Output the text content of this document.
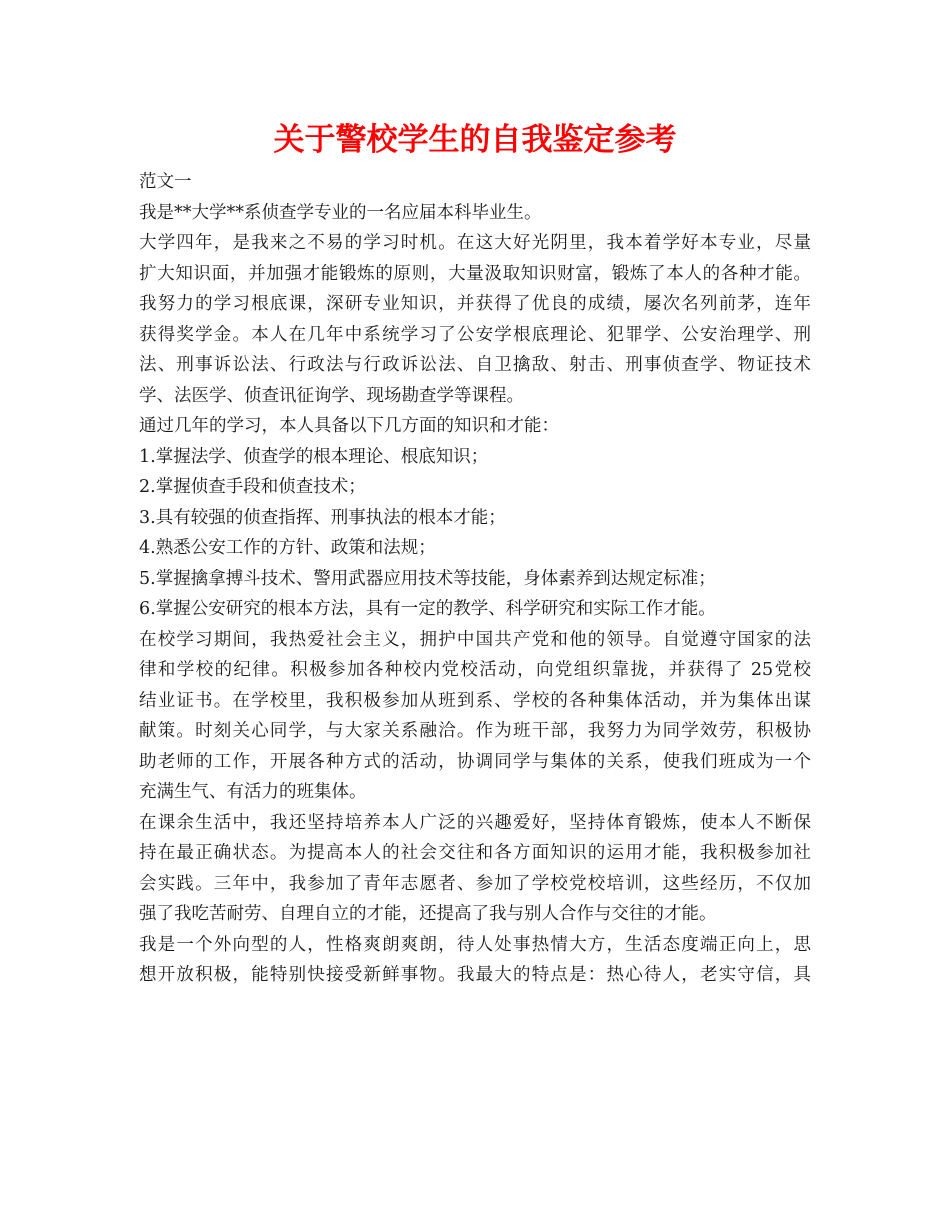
关于警校学生的自我鉴定参考
范文一
我是**大学**系侦查学专业的一名应届本科毕业生。
大学四年，是我来之不易的学习时机。在这大好光阴里，我本着学好本专业，尽量
扩大知识面，并加强才能锻炼的原则，大量汲取知识财富，锻炼了本人的各种才能。
我努力的学习根底课，深研专业知识，并获得了优良的成绩，屡次名列前茅，连年
获得奖学金。本人在几年中系统学习了公安学根底理论、犯罪学、公安治理学、刑
法、刑事诉讼法、行政法与行政诉讼法、自卫擒敌、射击、刑事侦查学、物证技术
学、法医学、侦查讯征询学、现场勘查学等课程。
通过几年的学习，本人具备以下几方面的知识和才能：
1.掌握法学、侦查学的根本理论、根底知识；
2.掌握侦查手段和侦查技术；
3.具有较强的侦查指挥、刑事执法的根本才能；
4.熟悉公安工作的方针、政策和法规；
5.掌握擒拿搏斗技术、警用武器应用技术等技能，身体素养到达规定标准；
6.掌握公安研究的根本方法，具有一定的教学、科学研究和实际工作才能。
在校学习期间，我热爱社会主义，拥护中国共产党和他的领导。自觉遵守国家的法
律和学校的纪律。积极参加各种校内党校活动，向党组织靠拢，并获得了 25党校
结业证书。在学校里，我积极参加从班到系、学校的各种集体活动，并为集体出谋
献策。时刻关心同学，与大家关系融洽。作为班干部，我努力为同学效劳，积极协
助老师的工作，开展各种方式的活动，协调同学与集体的关系，使我们班成为一个
充满生气、有活力的班集体。
在课余生活中，我还坚持培养本人广泛的兴趣爱好，坚持体育锻炼，使本人不断保
持在最正确状态。为提高本人的社会交往和各方面知识的运用才能，我积极参加社
会实践。三年中，我参加了青年志愿者、参加了学校党校培训，这些经历，不仅加
强了我吃苦耐劳、自理自立的才能，还提高了我与别人合作与交往的才能。
我是一个外向型的人，性格爽朗爽朗，待人处事热情大方，生活态度端正向上，思
想开放积极，能特别快接受新鲜事物。我最大的特点是：热心待人，老实守信，具
